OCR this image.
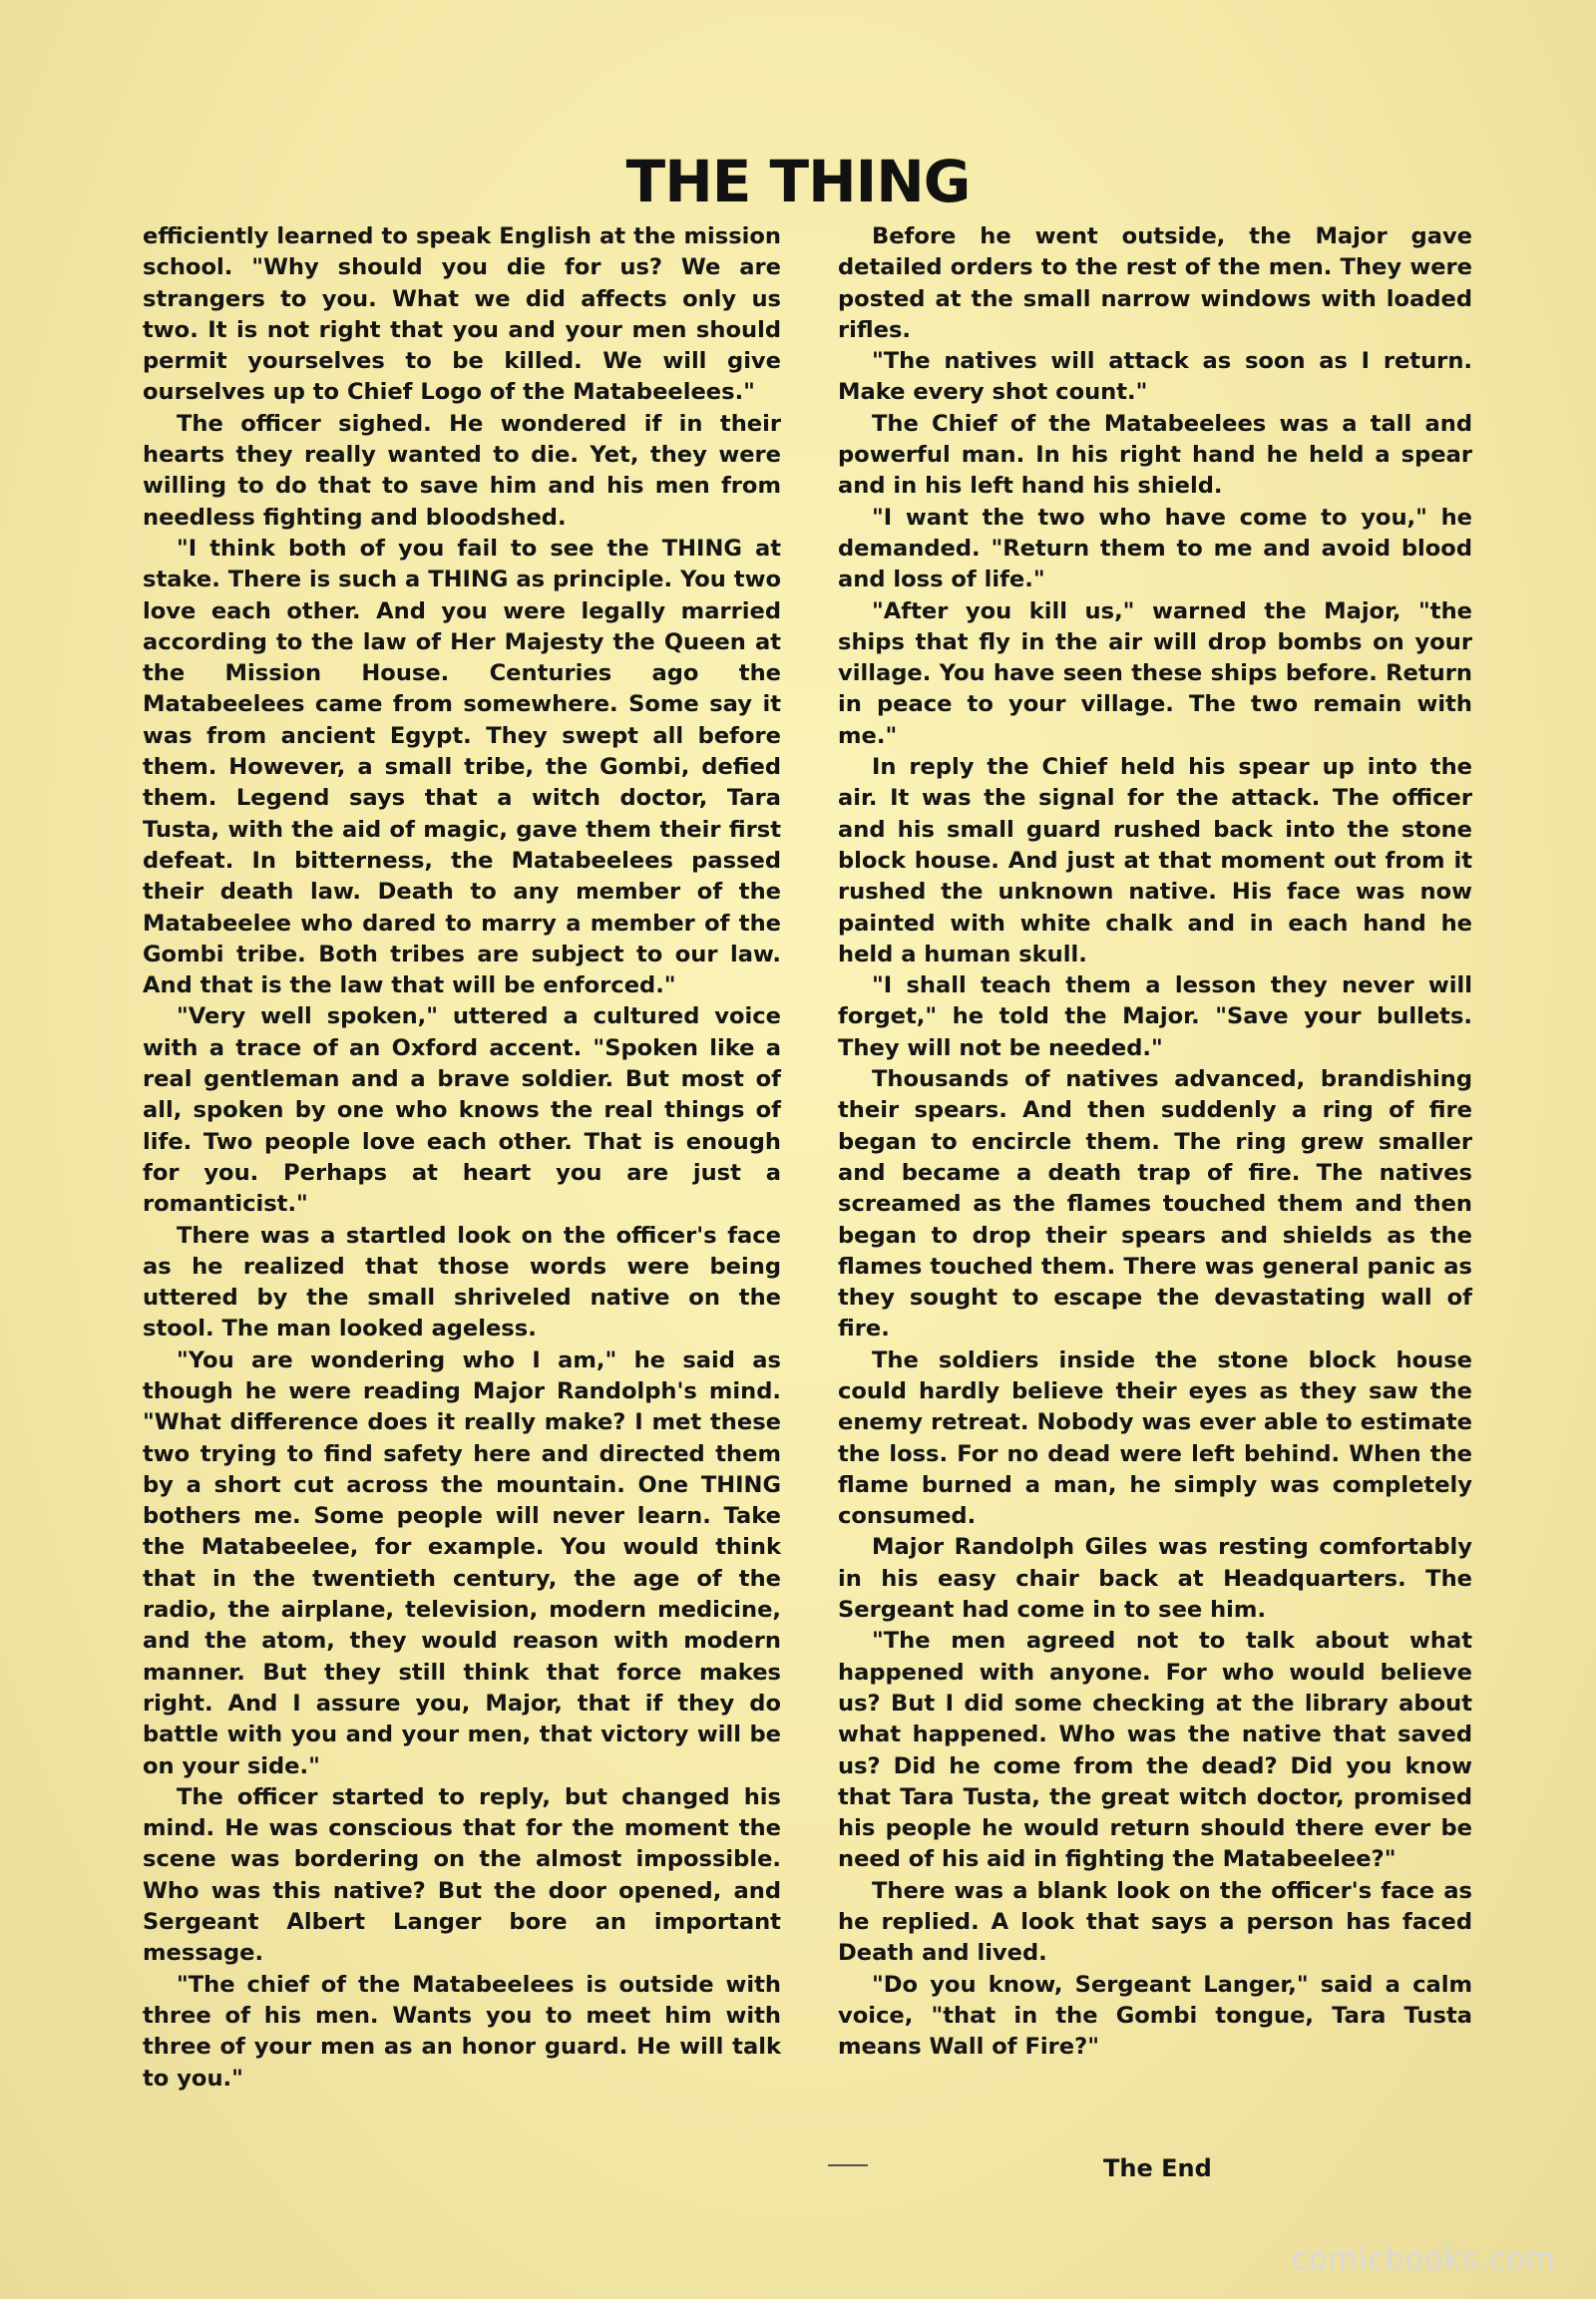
THE THING

efficiently learned to speak English at the mission school. "Why should you die for us? We are strangers to you. What we did affects only us two. It is not right that you and your men should permit yourselves to be killed. We will give ourselves up to Chief Logo of the Matabeelees."

The officer sighed. He wondered if in their hearts they really wanted to die. Yet, they were willing to do that to save him and his men from needless fighting and bloodshed.

"I think both of you fail to see the THING at stake. There is such a THING as principle. You two love each other. And you were legally married according to the law of Her Majesty the Queen at the Mission House. Centuries ago the Matabeelees came from somewhere. Some say it was from ancient Egypt. They swept all before them. However, a small tribe, the Gombi, defied them. Legend says that a witch doctor, Tara Tusta, with the aid of magic, gave them their first defeat. In bitterness, the Matabeelees passed their death law. Death to any member of the Matabeelee who dared to marry a member of the Gombi tribe. Both tribes are subject to our law. And that is the law that will be enforced."

"Very well spoken," uttered a cultured voice with a trace of an Oxford accent. "Spoken like a real gentleman and a brave soldier. But most of all, spoken by one who knows the real things of life. Two people love each other. That is enough for you. Perhaps at heart you are just a romanticist."

There was a startled look on the officer's face as he realized that those words were being uttered by the small shriveled native on the stool. The man looked ageless.

"You are wondering who I am," he said as though he were reading Major Randolph's mind. "What difference does it really make? I met these two trying to find safety here and directed them by a short cut across the mountain. One THING bothers me. Some people will never learn. Take the Matabeelee, for example. You would think that in the twentieth century, the age of the radio, the airplane, television, modern medicine, and the atom, they would reason with modern manner. But they still think that force makes right. And I assure you, Major, that if they do battle with you and your men, that victory will be on your side."

The officer started to reply, but changed his mind. He was conscious that for the moment the scene was bordering on the almost impossible. Who was this native? But the door opened, and Sergeant Albert Langer bore an important message.

"The chief of the Matabeelees is outside with three of his men. Wants you to meet him with three of your men as an honor guard. He will talk to you."

Before he went outside, the Major gave detailed orders to the rest of the men. They were posted at the small narrow windows with loaded rifles.

"The natives will attack as soon as I return. Make every shot count."

The Chief of the Matabeelees was a tall and powerful man. In his right hand he held a spear and in his left hand his shield.

"I want the two who have come to you," he demanded. "Return them to me and avoid blood and loss of life."

"After you kill us," warned the Major, "the ships that fly in the air will drop bombs on your village. You have seen these ships before. Return in peace to your village. The two remain with me."

In reply the Chief held his spear up into the air. It was the signal for the attack. The officer and his small guard rushed back into the stone block house. And just at that moment out from it rushed the unknown native. His face was now painted with white chalk and in each hand he held a human skull.

"I shall teach them a lesson they never will forget," he told the Major. "Save your bullets. They will not be needed."

Thousands of natives advanced, brandishing their spears. And then suddenly a ring of fire began to encircle them. The ring grew smaller and became a death trap of fire. The natives screamed as the flames touched them and then began to drop their spears and shields as the flames touched them. There was general panic as they sought to escape the devastating wall of fire.

The soldiers inside the stone block house could hardly believe their eyes as they saw the enemy retreat. Nobody was ever able to estimate the loss. For no dead were left behind. When the flame burned a man, he simply was completely consumed.

Major Randolph Giles was resting comfortably in his easy chair back at Headquarters. The Sergeant had come in to see him.

"The men agreed not to talk about what happened with anyone. For who would believe us? But I did some checking at the library about what happened. Who was the native that saved us? Did he come from the dead? Did you know that Tara Tusta, the great witch doctor, promised his people he would return should there ever be need of his aid in fighting the Matabeelee?"

There was a blank look on the officer's face as he replied. A look that says a person has faced Death and lived.

"Do you know, Sergeant Langer," said a calm voice, "that in the Gombi tongue, Tara Tusta means Wall of Fire?"

The End
comicbooks.com
